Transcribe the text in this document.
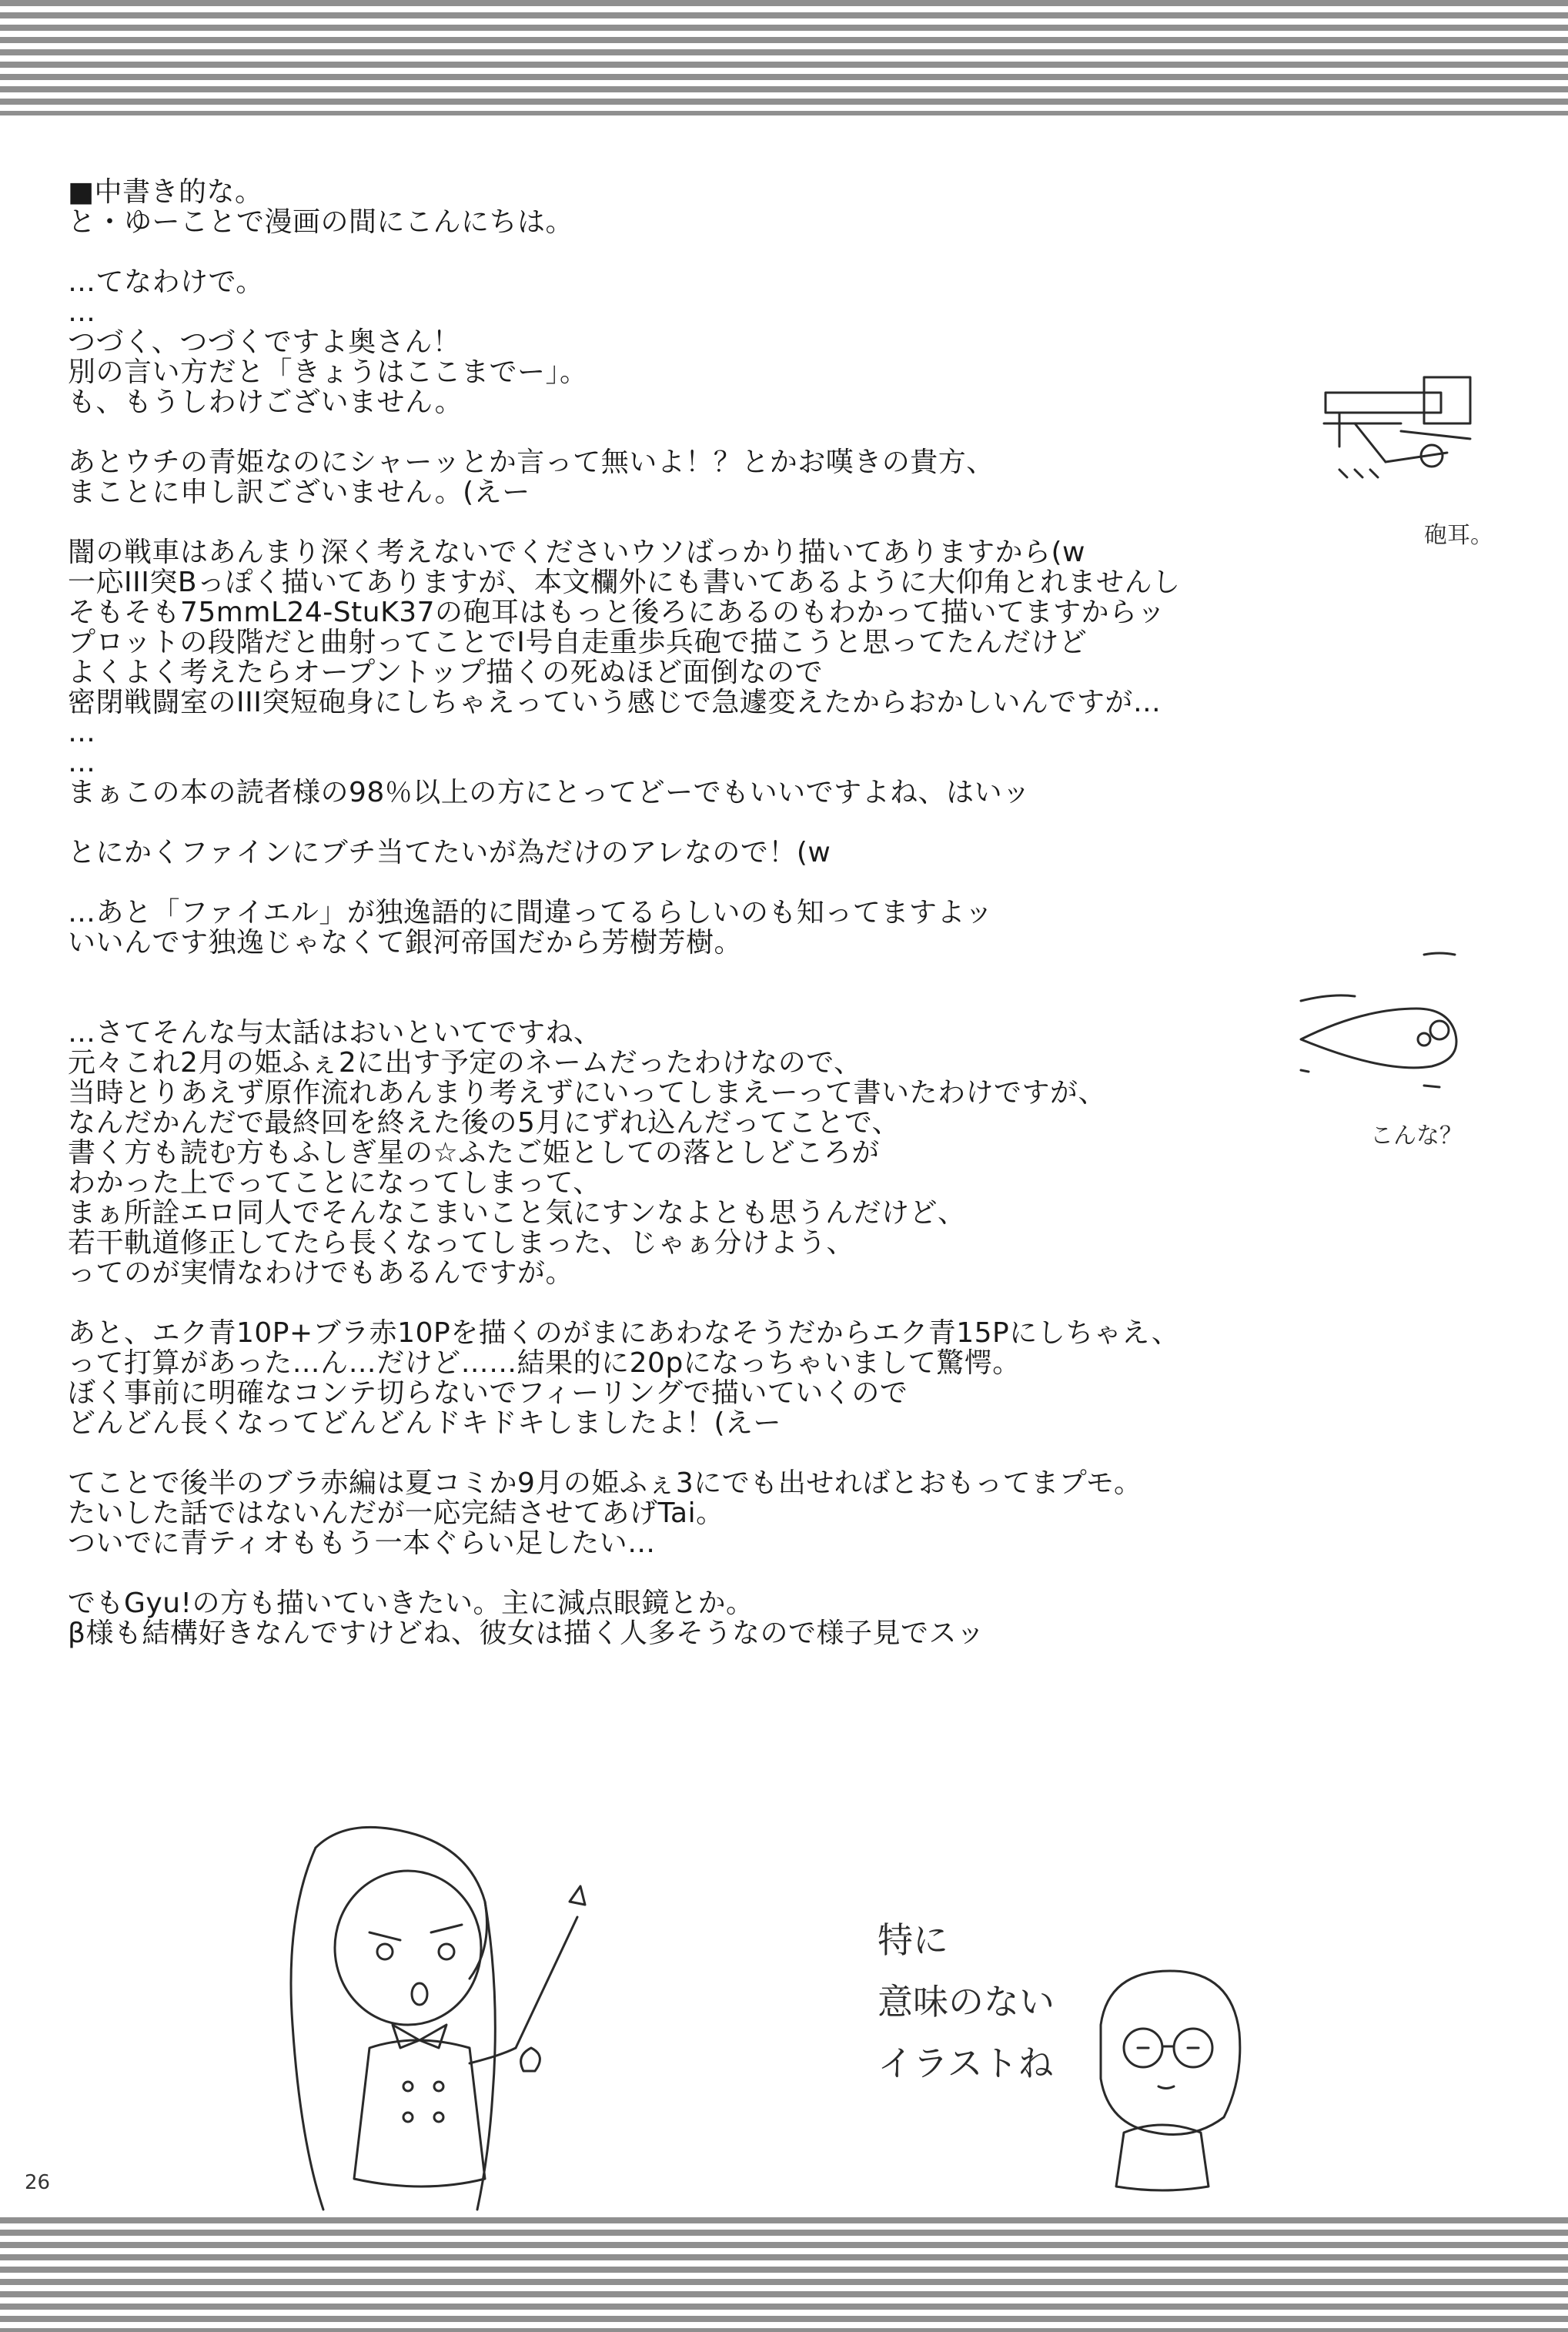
■中書き的な。
と・ゆーことで漫画の間にこんにちは。
…てなわけで。
…
つづく、つづくですよ奥さん！
別の言い方だと「きょうはここまでー」。
も、もうしわけございません。
あとウチの青姫なのにシャーッとか言って無いよ！？とかお嘆きの貴方、
まことに申し訳ございません。(えー
闇の戦車はあんまり深く考えないでくださいウソばっかり描いてありますから(w
一応III突Bっぽく描いてありますが、本文欄外にも書いてあるように大仰角とれませんし
そもそも75mmL24-StuK37の砲耳はもっと後ろにあるのもわかって描いてますからッ
プロットの段階だと曲射ってことでI号自走重歩兵砲で描こうと思ってたんだけど
よくよく考えたらオープントップ描くの死ぬほど面倒なので
密閉戦闘室のIII突短砲身にしちゃえっていう感じで急遽変えたからおかしいんですが…
…
…
まぁこの本の読者様の98％以上の方にとってどーでもいいですよね、はいッ
とにかくファインにブチ当てたいが為だけのアレなので！(w
…あと「ファイエル」が独逸語的に間違ってるらしいのも知ってますよッ
いいんです独逸じゃなくて銀河帝国だから芳樹芳樹。
…さてそんな与太話はおいといてですね、
元々これ2月の姫ふぇ2に出す予定のネームだったわけなので、
当時とりあえず原作流れあんまり考えずにいってしまえーって書いたわけですが、
なんだかんだで最終回を終えた後の5月にずれ込んだってことで、
書く方も読む方もふしぎ星の☆ふたご姫としての落としどころが
わかった上でってことになってしまって、
まぁ所詮エロ同人でそんなこまいこと気にすンなよとも思うんだけど、
若干軌道修正してたら長くなってしまった、じゃぁ分けよう、
ってのが実情なわけでもあるんですが。
あと、エク青10P+ブラ赤10Pを描くのがまにあわなそうだからエク青15Pにしちゃえ、
って打算があった…ん…だけど……結果的に20pになっちゃいまして驚愕。
ぼく事前に明確なコンテ切らないでフィーリングで描いていくので
どんどん長くなってどんどんドキドキしましたよ！(えー
てことで後半のブラ赤編は夏コミか9月の姫ふぇ3にでも出せればとおもってまプモ。
たいした話ではないんだが一応完結させてあげTai。
ついでに青ティオももう一本ぐらい足したい…
でもGyu!の方も描いていきたい。主に減点眼鏡とか。
β様も結構好きなんですけどね、彼女は描く人多そうなので様子見でスッ
砲耳。
こんな？
特に
意味のない
イラストね
26
